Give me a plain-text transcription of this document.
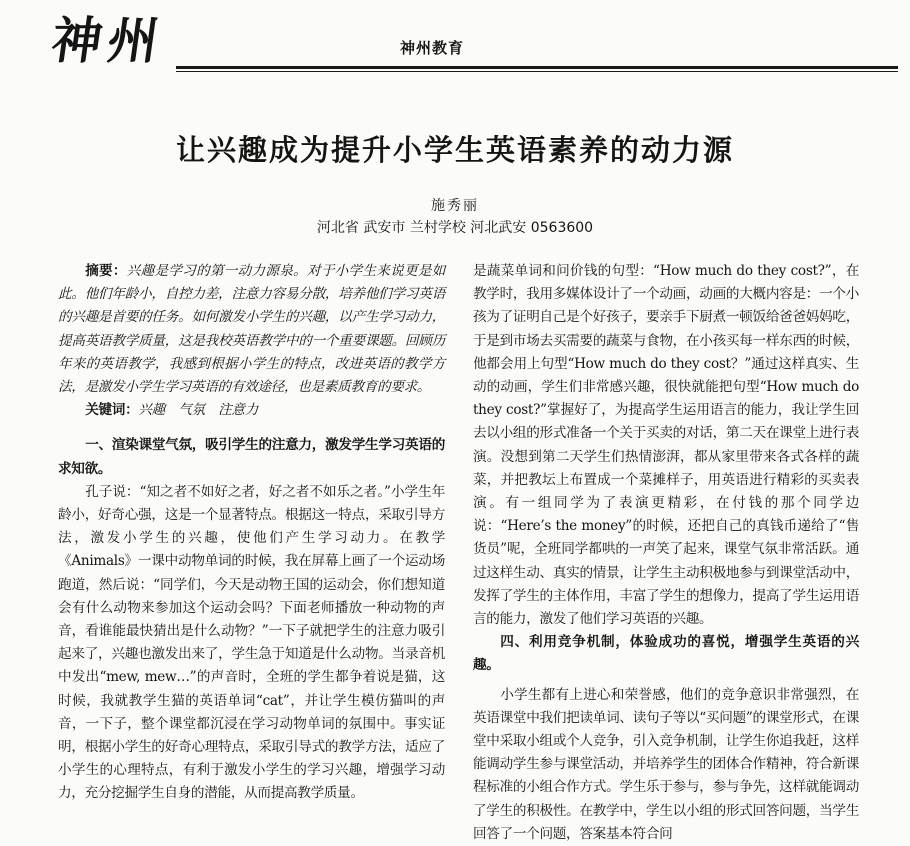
神州	神州教育
让兴趣成为提升小学生英语素养的动力源
施秀丽
河北省 武安市 兰村学校 河北武安 0563600

摘要：兴趣是学习的第一动力源泉。对于小学生来说更是如此。他们年龄小，自控力差，注意力容易分散，培养他们学习英语的兴趣是首要的任务。如何激发小学生的兴趣，以产生学习动力，提高英语教学质量，这是我校英语教学中的一个重要课题。回顾历年来的英语教学，我感到根据小学生的特点，改进英语的教学方法，是激发小学生学习英语的有效途径，也是素质教育的要求。

关键词：兴趣　气氛　注意力

一、渲染课堂气氛，吸引学生的注意力，激发学生学习英语的求知欲。

孔子说：“知之者不如好之者，好之者不如乐之者。”小学生年龄小，好奇心强，这是一个显著特点。根据这一特点，采取引导方法，激发小学生的兴趣，使他们产生学习动力。在教学《Animals》一课中动物单词的时候，我在屏幕上画了一个运动场跑道，然后说：“同学们，今天是动物王国的运动会，你们想知道会有什么动物来参加这个运动会吗？下面老师播放一种动物的声音，看谁能最快猜出是什么动物？”一下子就把学生的注意力吸引起来了，兴趣也激发出来了，学生急于知道是什么动物。当录音机中发出“mew, mew…”的声音时，全班的学生都争着说是猫，这时候，我就教学生猫的英语单词“cat”，并让学生模仿猫叫的声音，一下子，整个课堂都沉浸在学习动物单词的氛围中。事实证明，根据小学生的好奇心理特点，采取引导式的教学方法，适应了小学生的心理特点，有利于激发小学生的学习兴趣，增强学习动力，充分挖掘学生自身的潜能，从而提高教学质量。

是蔬菜单词和问价钱的句型：“How much do they cost?”，在教学时，我用多媒体设计了一个动画，动画的大概内容是：一个小孩为了证明自己是个好孩子，要亲手下厨煮一顿饭给爸爸妈妈吃，于是到市场去买需要的蔬菜与食物，在小孩买每一样东西的时候，他都会用上句型“How much do they cost？”通过这样真实、生动的动画，学生们非常感兴趣，很快就能把句型“How much do they cost?”掌握好了，为提高学生运用语言的能力，我让学生回去以小组的形式准备一个关于买卖的对话，第二天在课堂上进行表演。没想到第二天学生们热情澎湃，都从家里带来各式各样的蔬菜，并把教坛上布置成一个菜摊样子，用英语进行精彩的买卖表演。有一组同学为了表演更精彩，在付钱的那个同学边说：“Here’s the money”的时候，还把自己的真钱币递给了“售货员”呢，全班同学都哄的一声笑了起来，课堂气氛非常活跃。通过这样生动、真实的情景，让学生主动积极地参与到课堂活动中，发挥了学生的主体作用，丰富了学生的想像力，提高了学生运用语言的能力，激发了他们学习英语的兴趣。

四、利用竞争机制，体验成功的喜悦，增强学生英语的兴趣。

小学生都有上进心和荣誉感，他们的竞争意识非常强烈，在英语课堂中我们把读单词、读句子等以“买问题”的课堂形式，在课堂中采取小组或个人竞争，引入竞争机制，让学生你追我赶，这样能调动学生参与课堂活动，并培养学生的团体合作精神，符合新课程标准的小组合作方式。学生乐于参与，参与争先，这样就能调动了学生的积极性。在教学中，学生以小组的形式回答问题，当学生回答了一个问题，答案基本符合问
